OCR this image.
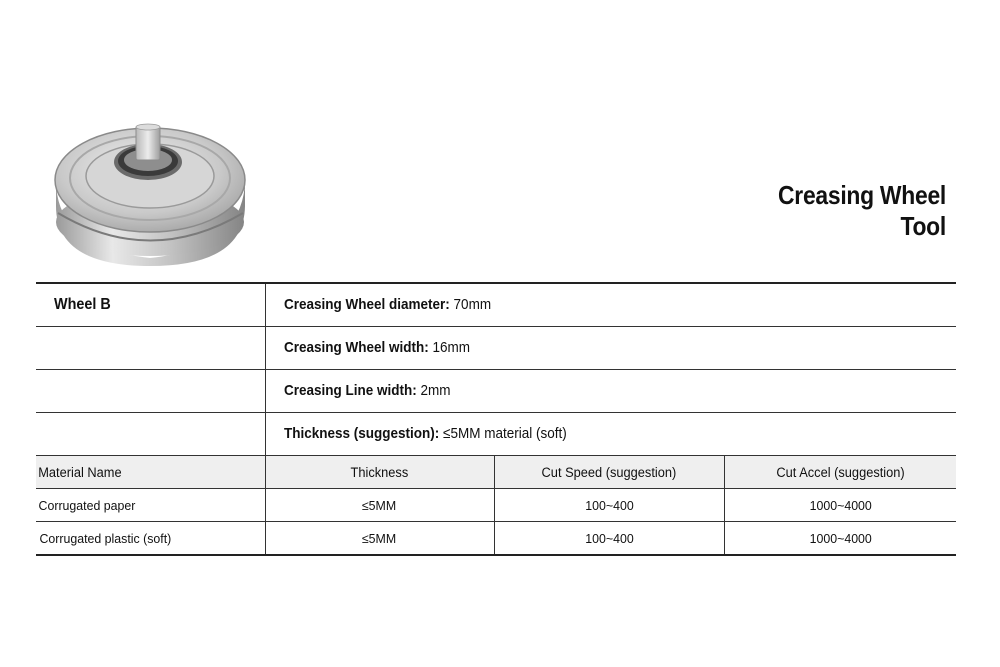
Creasing Wheel Tool
Wheel B	Creasing Wheel diameter: 70mm		
	Creasing Wheel width: 16mm		
	Creasing Line width: 2mm		
	Thickness (suggestion): ≤5MM material (soft)		
Material Name	Thickness	Cut Speed (suggestion)	Cut Accel (suggestion)
Corrugated paper	≤5MM	100~400	1000~4000
Corrugated plastic (soft)	≤5MM	100~400	1000~4000
